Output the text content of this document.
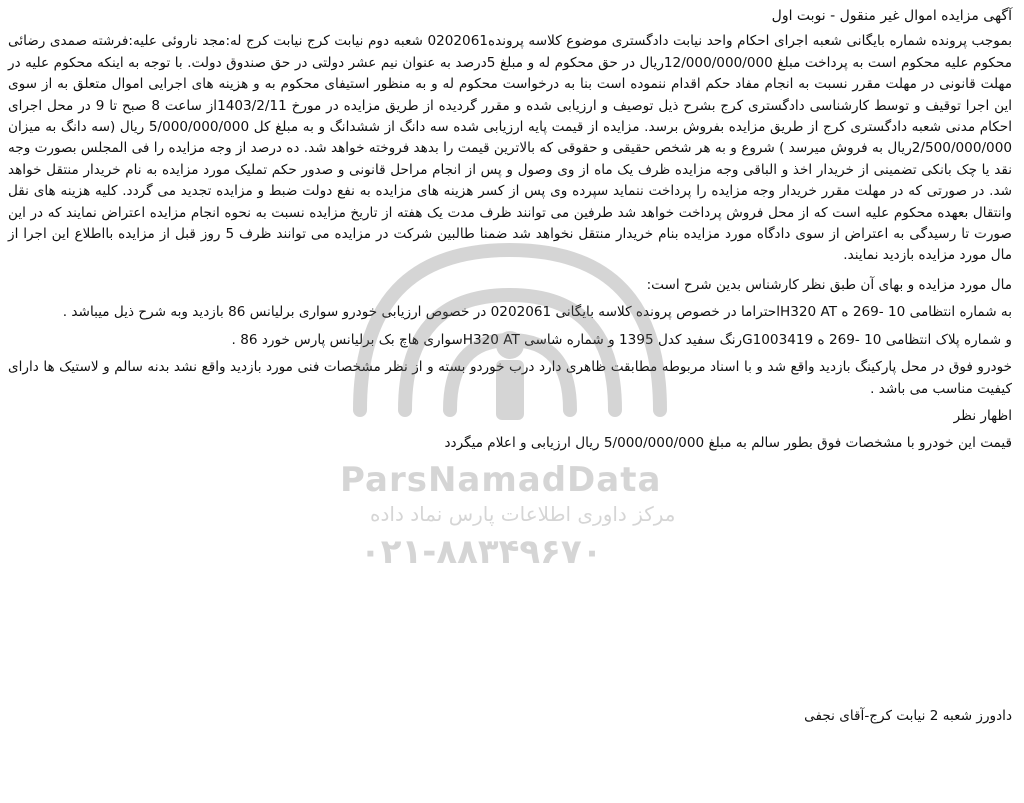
آگهی مزایده اموال غیر منقول - نوبت اول

بموجب پرونده شماره بایگانی شعبه اجرای احکام واحد نیابت دادگستری موضوع کلاسه پرونده0202061 شعبه دوم نیابت کرج نیابت کرج له:مجد ناروئی علیه:فرشته صمدی رضائی محکوم علیه محکوم است به پرداخت مبلغ 12/000/000/000ریال در حق محکوم له و مبلغ 5درصد به عنوان نیم عشر دولتی در حق صندوق دولت. با توجه به اینکه محکوم علیه در مهلت قانونی در مهلت مقرر نسبت به انجام مفاد حکم اقدام ننموده است بنا به درخواست محکوم له و به منظور استیفای محکوم به و هزینه های اجرایی اموال متعلق به از سوی این اجرا توقیف و توسط کارشناسی دادگستری کرج بشرح ذیل توصیف و ارزیابی شده و مقرر گردیده از طریق مزایده در مورخ 1403/2/11از ساعت 8 صبح تا 9 در محل اجرای احکام مدنی شعبه دادگستری کرج از طریق مزایده بفروش برسد. مزایده از قیمت پایه ارزیابی شده سه دانگ از ششدانگ و به مبلغ کل 5/000/000/000 ریال (سه دانگ به میزان 2/500/000/000ریال به فروش میرسد ) شروع و به هر شخص حقیقی و حقوقی که بالاترین قیمت را بدهد فروخته خواهد شد. ده درصد از وجه مزایده را فی المجلس بصورت وجه نقد یا چک بانکی تضمینی از خریدار اخذ و الباقی وجه مزایده ظرف یک ماه از وی وصول و پس از انجام مراحل قانونی و صدور حکم تملیک مورد مزایده به نام خریدار منتقل خواهد شد. در صورتی که در مهلت مقرر خریدار وجه مزایده را پرداخت ننماید سپرده وی پس از کسر هزینه های مزایده به نفع دولت ضبط و مزایده تجدید می گردد. کلیه هزینه های نقل وانتقال بعهده محکوم علیه است که از محل فروش پرداخت خواهد شد طرفین می توانند ظرف مدت یک هفته از تاریخ مزایده نسبت به نحوه انجام مزایده اعتراض نمایند که در این صورت تا رسیدگی به اعتراض از سوی دادگاه مورد مزایده بنام خریدار منتقل نخواهد شد ضمنا طالبین شرکت در مزایده می توانند ظرف 5 روز قبل از مزایده بااطلاع این اجرا از مال مورد مزایده بازدید نمایند.

مال مورد مزایده و بهای آن طبق نظر کارشناس بدین شرح است:

به شماره انتظامی 10 -269 ه H320 ATاحتراما در خصوص پرونده کلاسه بایگانی 0202061 در خصوص ارزیابی خودرو سواری برلیانس 86 بازدید وبه شرح ذیل میباشد .

و شماره پلاک انتظامی 10 -269 ه G1003419رنگ سفید کدل 1395 و شماره شاسی H320 ATسواری هاچ بک برلیانس پارس خورد 86 .

خودرو فوق در محل پارکینگ بازدید واقع شد و با اسناد مربوطه مطابقت ظاهری دارد درب خوردو بسته و از نظر مشخصات فنی مورد بازدید واقع نشد بدنه سالم و لاستیک ها دارای کیفیت مناسب می باشد .

اظهار نظر

قیمت این خودرو با مشخصات فوق بطور سالم به مبلغ 5/000/000/000 ریال ارزیابی و اعلام میگردد

دادورز شعبه 2 نیابت کرج-آقای نجفی
ParsNamadData
مرکز داوری اطلاعات پارس نماد داده
۰۲۱-۸۸۳۴۹۶۷۰
